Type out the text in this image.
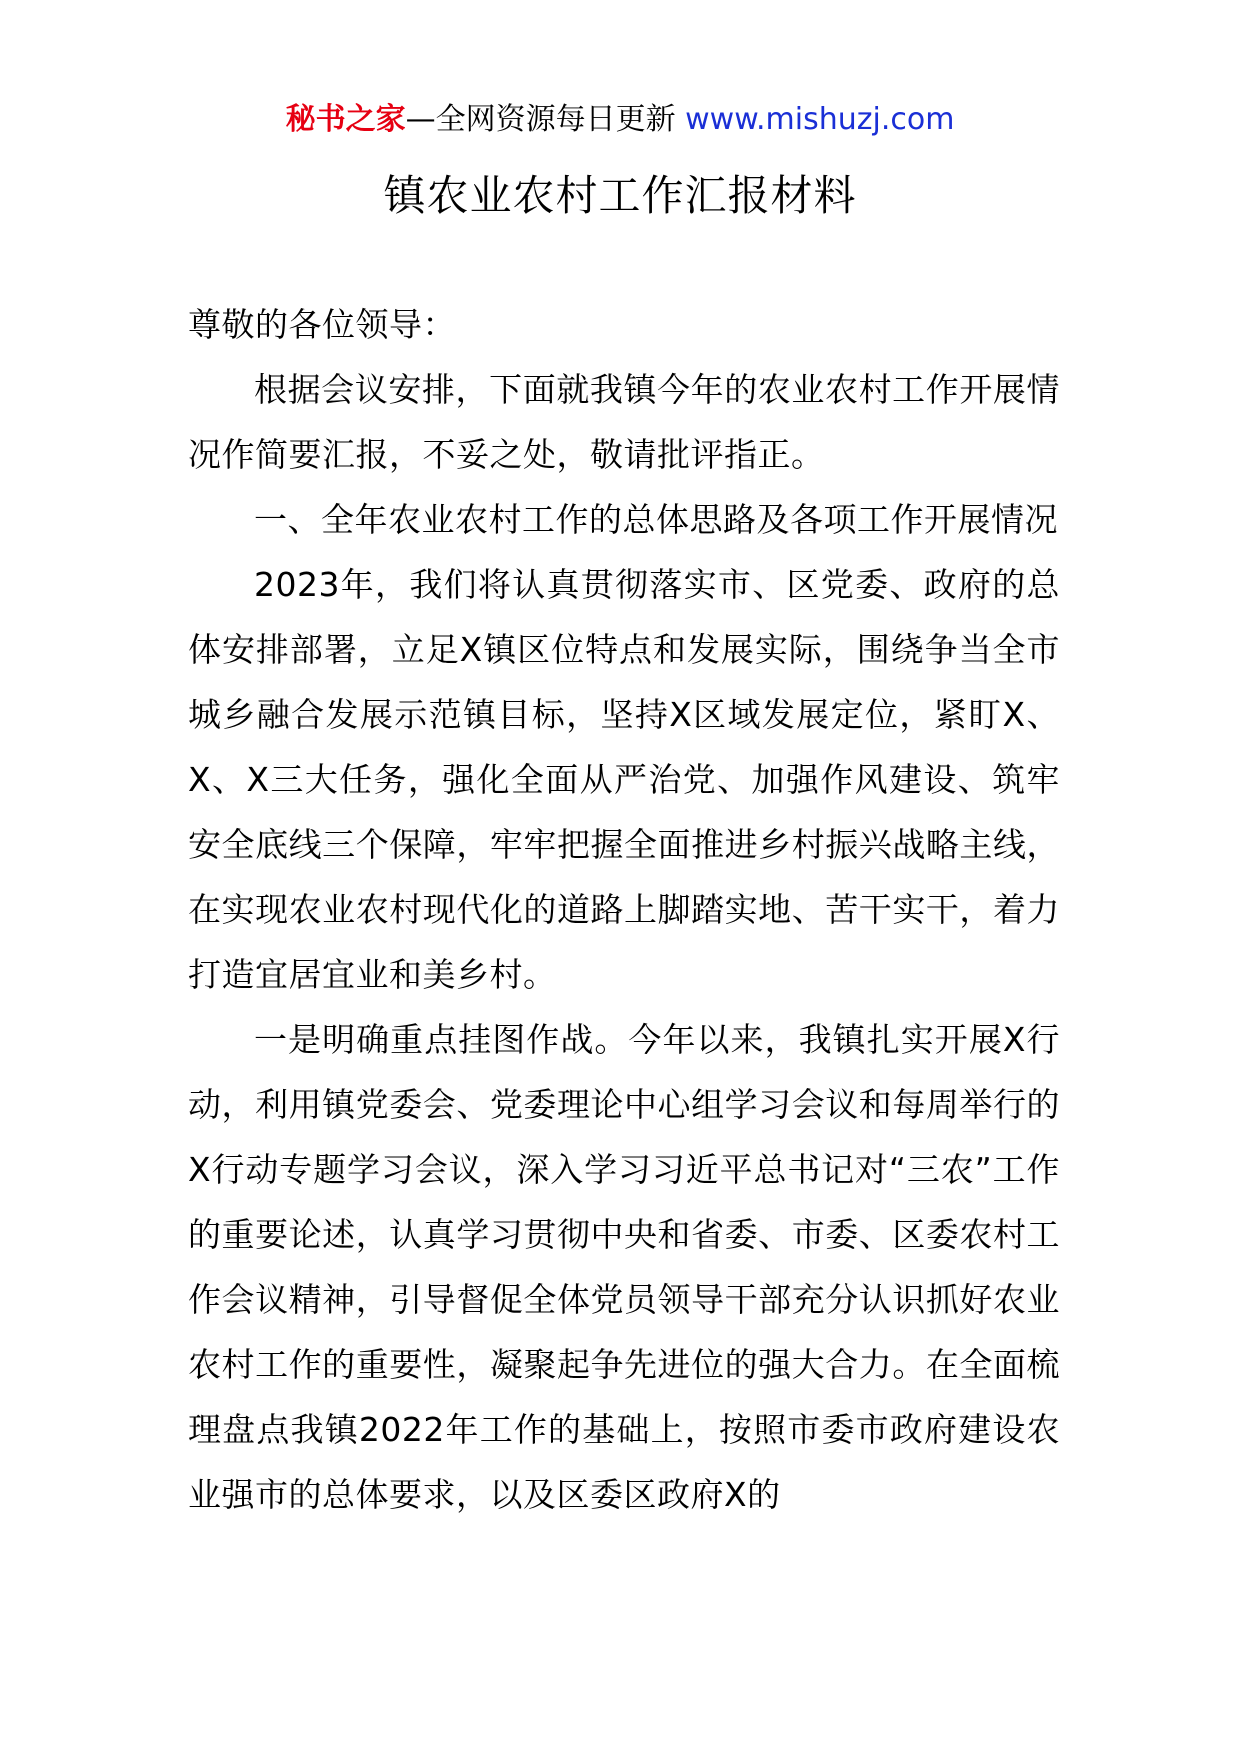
秘书之家—全网资源每日更新 www.mishuzj.com
镇农业农村工作汇报材料

尊敬的各位领导：

根据会议安排，下面就我镇今年的农业农村工作开展情况作简要汇报，不妥之处，敬请批评指正。

一、全年农业农村工作的总体思路及各项工作开展情况

2023年，我们将认真贯彻落实市、区党委、政府的总体安排部署，立足X镇区位特点和发展实际，围绕争当全市城乡融合发展示范镇目标，坚持X区域发展定位，紧盯X、X、X三大任务，强化全面从严治党、加强作风建设、筑牢安全底线三个保障，牢牢把握全面推进乡村振兴战略主线，在实现农业农村现代化的道路上脚踏实地、苦干实干，着力打造宜居宜业和美乡村。

一是明确重点挂图作战。今年以来，我镇扎实开展X行动，利用镇党委会、党委理论中心组学习会议和每周举行的X行动专题学习会议，深入学习习近平总书记对“三农”工作的重要论述，认真学习贯彻中央和省委、市委、区委农村工作会议精神，引导督促全体党员领导干部充分认识抓好农业农村工作的重要性，凝聚起争先进位的强大合力。在全面梳理盘点我镇2022年工作的基础上，按照市委市政府建设农业强市的总体要求，以及区委区政府X的
